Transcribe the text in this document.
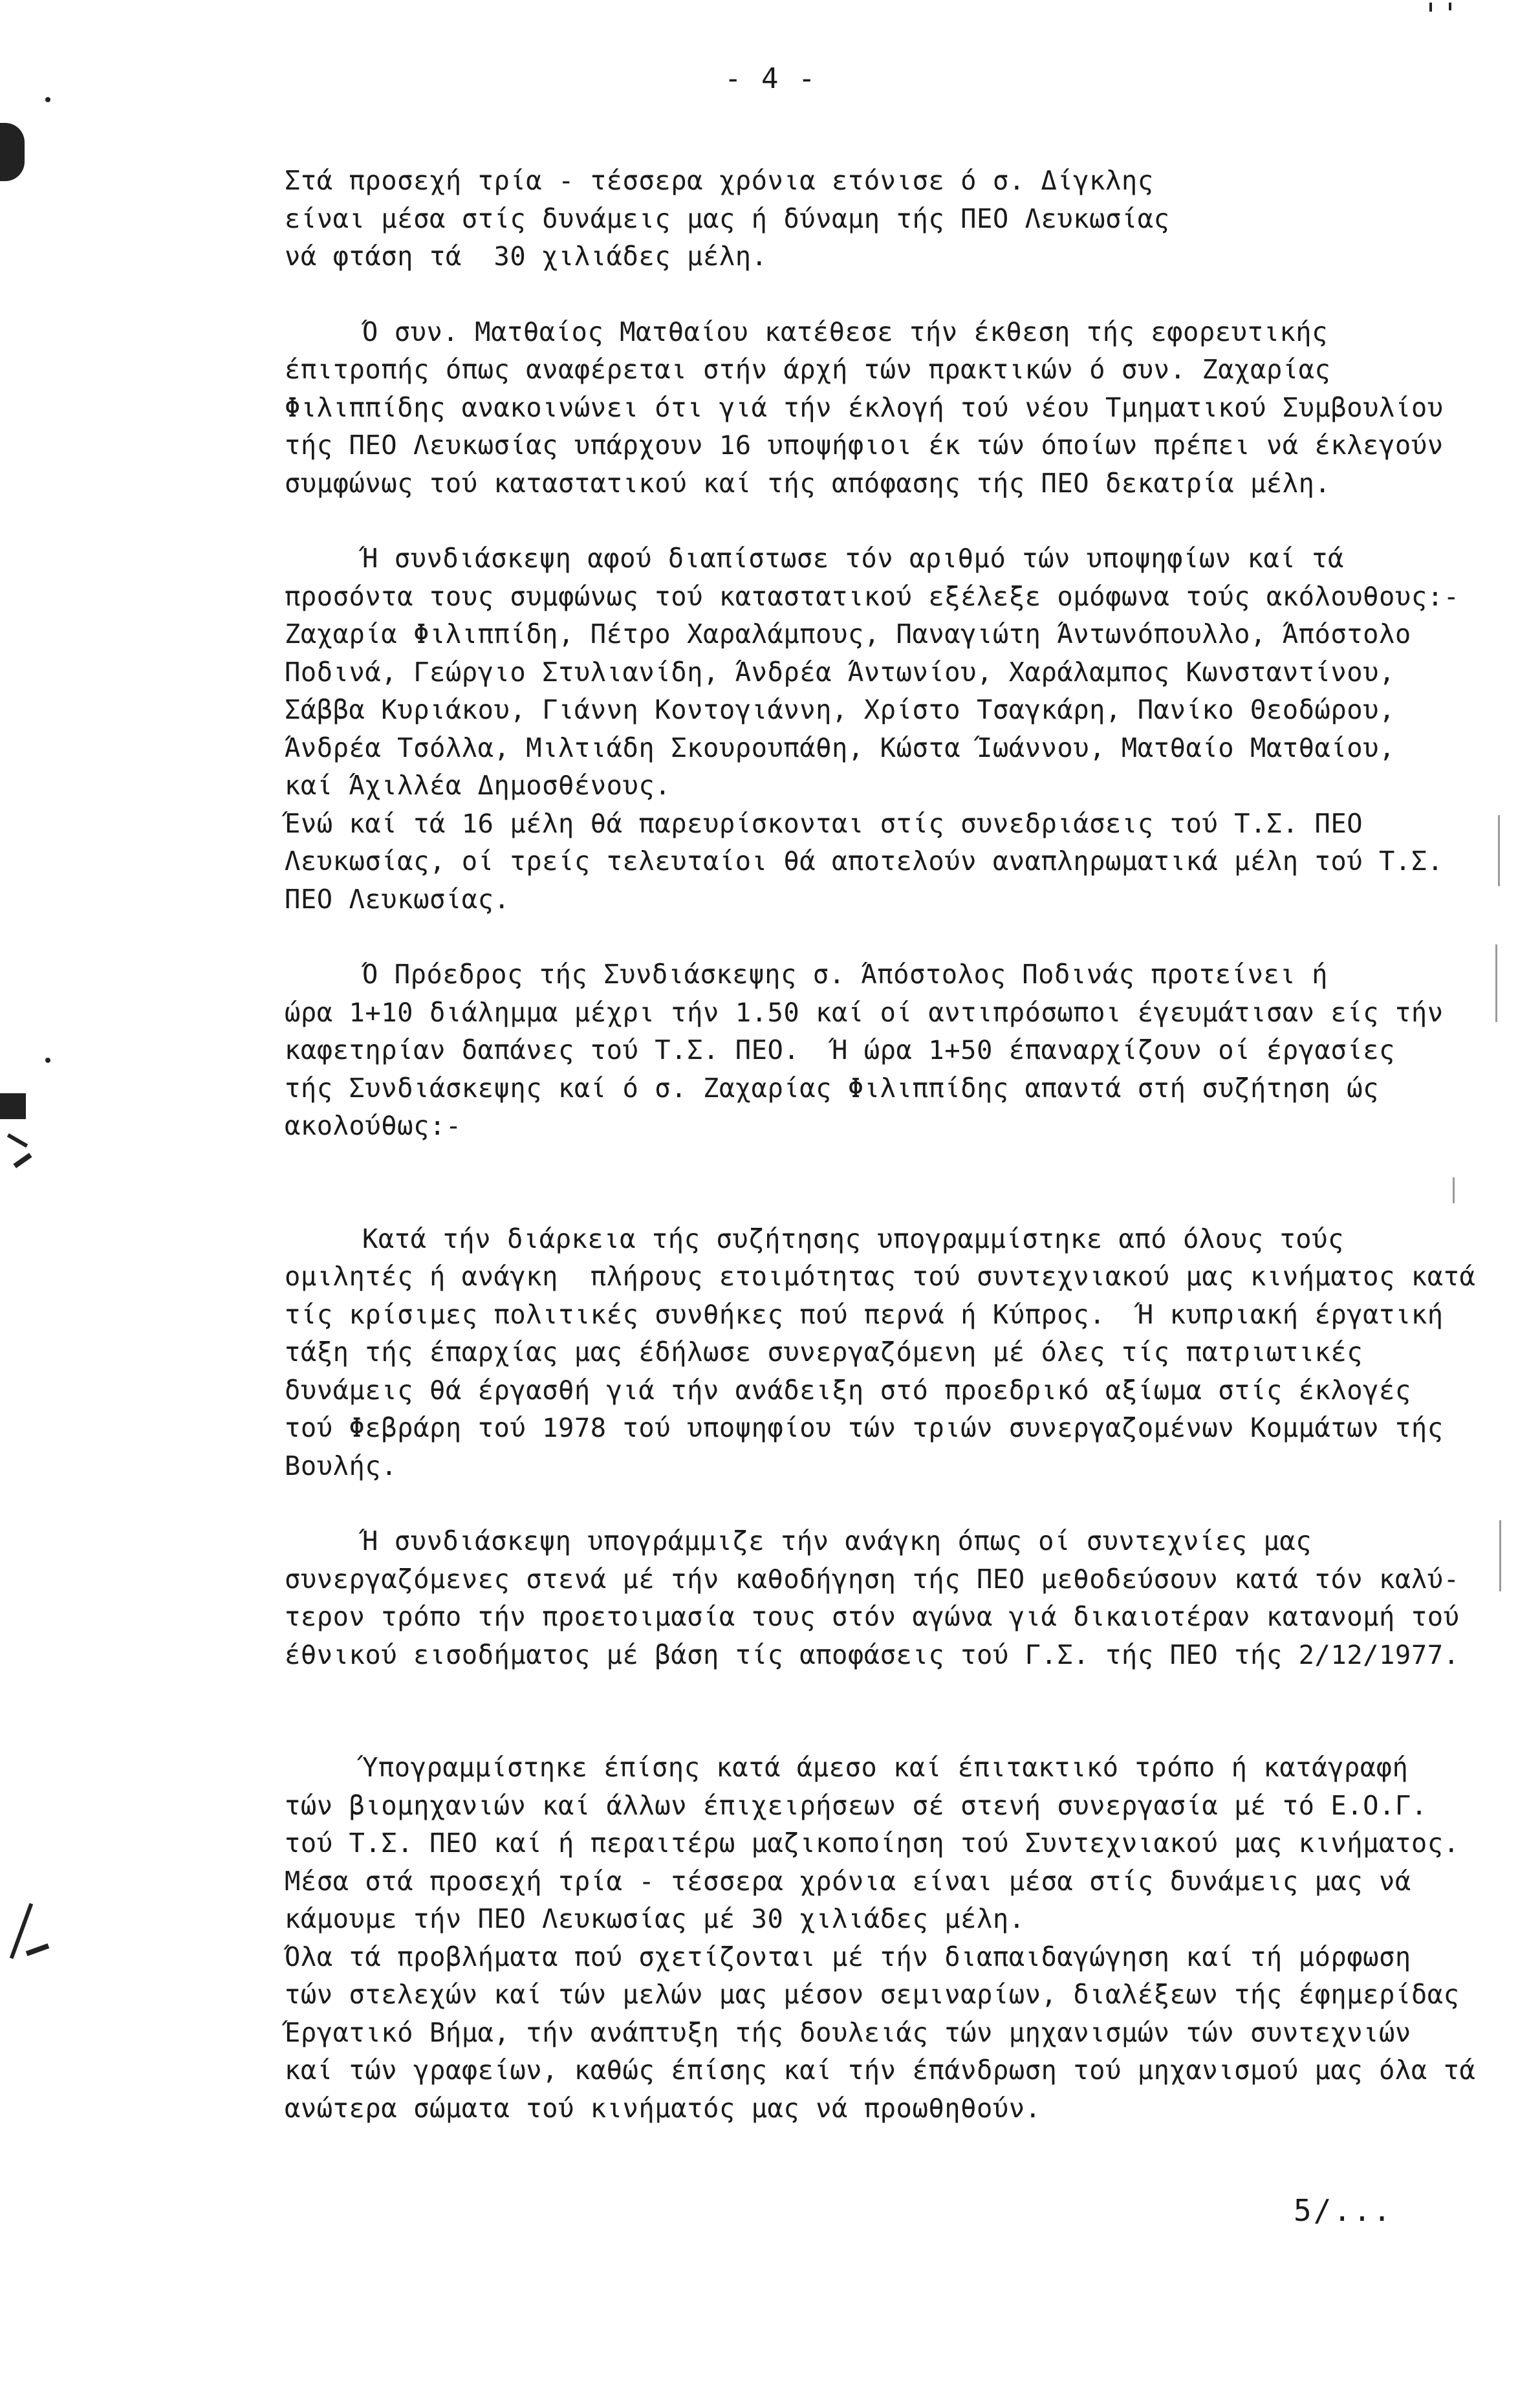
- 4 -
Στά προσεχή τρία - τέσσερα χρόνια ετόνισε ό σ. Δίγκλης
είναι μέσα στίς δυνάμεις μας ή δύναμη τής ΠΕΟ Λευκωσίας
νά φτάση τά  30 χιλιάδες μέλη.
Ό συν. Ματθαίος Ματθαίου κατέθεσε τήν έκθεση τής εφορευτικής
έπιτροπής όπως αναφέρεται στήν άρχή τών πρακτικών ό συν. Ζαχαρίας
Φιλιππίδης ανακοινώνει ότι γιά τήν έκλογή τού νέου Τμηματικού Συμβουλίου
τής ΠΕΟ Λευκωσίας υπάρχουν 16 υποψήφιοι έκ τών όποίων πρέπει νά έκλεγούν
συμφώνως τού καταστατικού καί τής απόφασης τής ΠΕΟ δεκατρία μέλη.
Ή συνδιάσκεψη αφού διαπίστωσε τόν αριθμό τών υποψηφίων καί τά
προσόντα τους συμφώνως τού καταστατικού εξέλεξε ομόφωνα τούς ακόλουθους:-
Ζαχαρία Φιλιππίδη, Πέτρο Χαραλάμπους, Παναγιώτη Άντωνόπουλλο, Άπόστολο
Ποδινά, Γεώργιο Στυλιανίδη, Άνδρέα Άντωνίου, Χαράλαμπος Κωνσταντίνου,
Σάββα Κυριάκου, Γιάννη Κοντογιάννη, Χρίστο Τσαγκάρη, Πανίκο Θεοδώρου,
Άνδρέα Τσόλλα, Μιλτιάδη Σκουρουπάθη, Κώστα Ίωάννου, Ματθαίο Ματθαίου,
καί Άχιλλέα Δημοσθένους.
Ένώ καί τά 16 μέλη θά παρευρίσκονται στίς συνεδριάσεις τού Τ.Σ. ΠΕΟ
Λευκωσίας, οί τρείς τελευταίοι θά αποτελούν αναπληρωματικά μέλη τού Τ.Σ.
ΠΕΟ Λευκωσίας.
Ό Πρόεδρος τής Συνδιάσκεψης σ. Άπόστολος Ποδινάς προτείνει ή
ώρα 1+10 διάλημμα μέχρι τήν 1.50 καί οί αντιπρόσωποι έγευμάτισαν είς τήν
καφετηρίαν δαπάνες τού Τ.Σ. ΠΕΟ.  Ή ώρα 1+50 έπαναρχίζουν οί έργασίες
τής Συνδιάσκεψης καί ό σ. Ζαχαρίας Φιλιππίδης απαντά στή συζήτηση ώς
ακολούθως:-
Κατά τήν διάρκεια τής συζήτησης υπογραμμίστηκε από όλους τούς
ομιλητές ή ανάγκη  πλήρους ετοιμότητας τού συντεχνιακού μας κινήματος κατά
τίς κρίσιμες πολιτικές συνθήκες πού περνά ή Κύπρος.  Ή κυπριακή έργατική
τάξη τής έπαρχίας μας έδήλωσε συνεργαζόμενη μέ όλες τίς πατριωτικές
δυνάμεις θά έργασθή γιά τήν ανάδειξη στό προεδρικό αξίωμα στίς έκλογές
τού Φεβράρη τού 1978 τού υποψηφίου τών τριών συνεργαζομένων Κομμάτων τής
Βουλής.
Ή συνδιάσκεψη υπογράμμιζε τήν ανάγκη όπως οί συντεχνίες μας
συνεργαζόμενες στενά μέ τήν καθοδήγηση τής ΠΕΟ μεθοδεύσουν κατά τόν καλύ-
τερον τρόπο τήν προετοιμασία τους στόν αγώνα γιά δικαιοτέραν κατανομή τού
έθνικού εισοδήματος μέ βάση τίς αποφάσεις τού Γ.Σ. τής ΠΕΟ τής 2/12/1977.
Ύπογραμμίστηκε έπίσης κατά άμεσο καί έπιτακτικό τρόπο ή κατάγραφή
τών βιομηχανιών καί άλλων έπιχειρήσεων σέ στενή συνεργασία μέ τό Ε.Ο.Γ.
τού Τ.Σ. ΠΕΟ καί ή περαιτέρω μαζικοποίηση τού Συντεχνιακού μας κινήματος.
Μέσα στά προσεχή τρία - τέσσερα χρόνια είναι μέσα στίς δυνάμεις μας νά
κάμουμε τήν ΠΕΟ Λευκωσίας μέ 30 χιλιάδες μέλη.
Όλα τά προβλήματα πού σχετίζονται μέ τήν διαπαιδαγώγηση καί τή μόρφωση
τών στελεχών καί τών μελών μας μέσον σεμιναρίων, διαλέξεων τής έφημερίδας
Έργατικό Βήμα, τήν ανάπτυξη τής δουλειάς τών μηχανισμών τών συντεχνιών
καί τών γραφείων, καθώς έπίσης καί τήν έπάνδρωση τού μηχανισμού μας όλα τά
ανώτερα σώματα τού κινήματός μας νά προωθηθούν.
5/...
